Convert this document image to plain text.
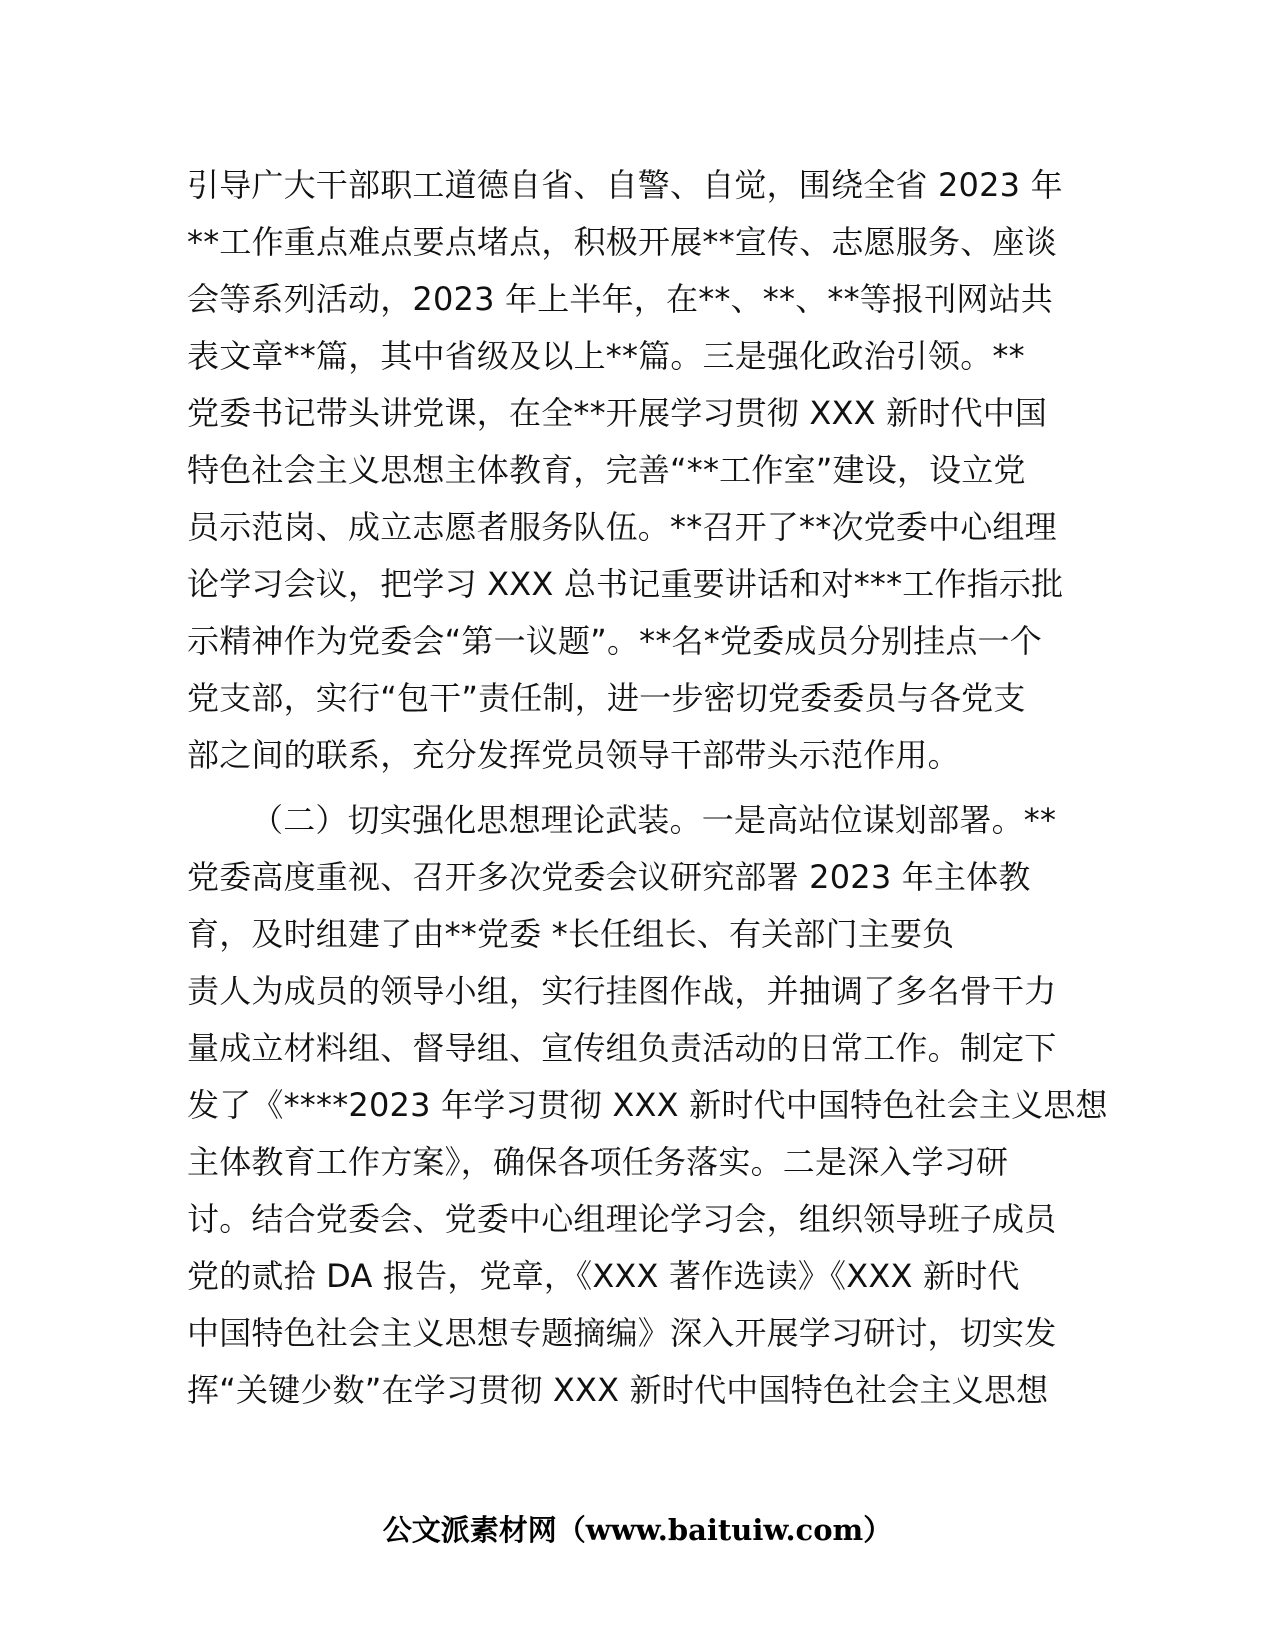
引导广大干部职工道德自省、自警、自觉，围绕全省 2023 年
**工作重点难点要点堵点，积极开展**宣传、志愿服务、座谈
会等系列活动，2023 年上半年，在**、**、**等报刊网站共
表文章**篇，其中省级及以上**篇。三是强化政治引领。**
党委书记带头讲党课，在全**开展学习贯彻 XXX 新时代中国
特色社会主义思想主体教育，完善“**工作室”建设，设立党
员示范岗、成立志愿者服务队伍。**召开了**次党委中心组理
论学习会议，把学习 XXX 总书记重要讲话和对***工作指示批
示精神作为党委会“第一议题”。**名*党委成员分别挂点一个
党支部，实行“包干”责任制，进一步密切党委委员与各党支
部之间的联系，充分发挥党员领导干部带头示范作用。
（二）切实强化思想理论武装。一是高站位谋划部署。**
党委高度重视、召开多次党委会议研究部署 2023 年主体教
育，及时组建了由**党委 *长任组长、有关部门主要负
责人为成员的领导小组，实行挂图作战，并抽调了多名骨干力
量成立材料组、督导组、宣传组负责活动的日常工作。制定下
发了《****2023 年学习贯彻 XXX 新时代中国特色社会主义思想
主体教育工作方案》，确保各项任务落实。二是深入学习研
讨。结合党委会、党委中心组理论学习会，组织领导班子成员
党的贰拾 DA 报告，党章，《XXX 著作选读》《XXX 新时代
中国特色社会主义思想专题摘编》深入开展学习研讨，切实发
挥“关键少数”在学习贯彻 XXX 新时代中国特色社会主义思想
公文派素材网（www.baituiw.com）
